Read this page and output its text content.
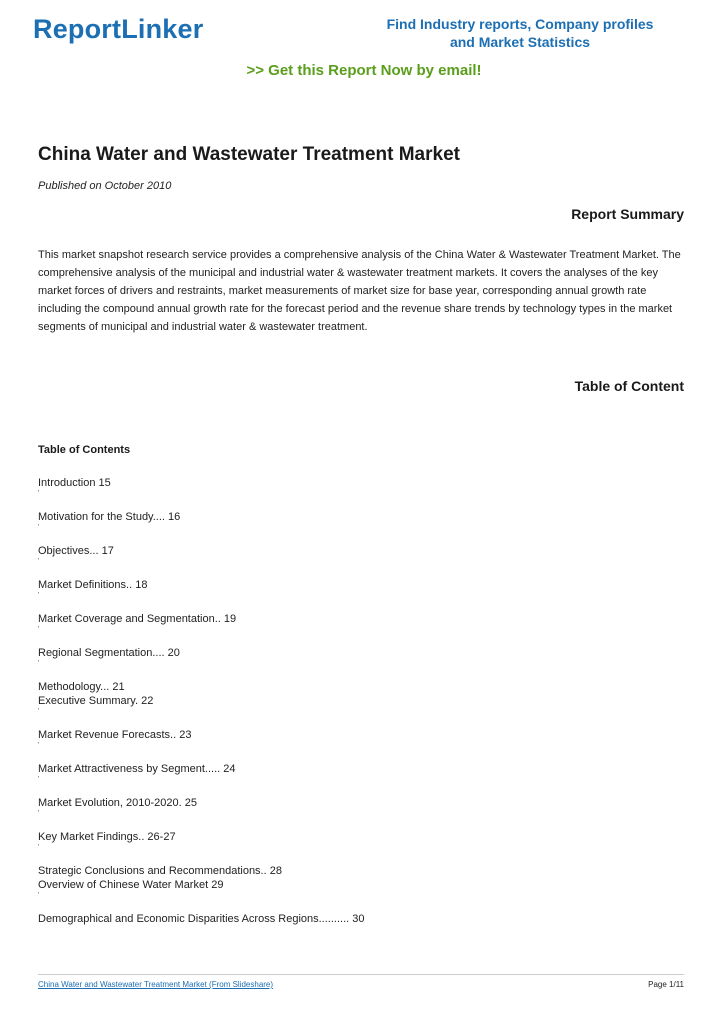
ReportLinker	Find Industry reports, Company profiles
and Market Statistics
>> Get this Report Now by email!
China Water and Wastewater Treatment Market
Published on October 2010
Report Summary
This market snapshot research service provides a comprehensive analysis of the China Water & Wastewater Treatment Market. The comprehensive analysis of the municipal and industrial water & wastewater treatment markets. It covers the analyses of the key market forces of drivers and restraints, market measurements of market size for base year, corresponding annual growth rate including the compound annual growth rate for the forecast period and the revenue share trends by technology types in the market segments of municipal and industrial water & wastewater treatment.
Table of Content
Table of Contents
Introduction 15
'
Motivation for the Study.... 16
'
Objectives... 17
'
Market Definitions.. 18
'
Market Coverage and Segmentation.. 19
'
Regional Segmentation.... 20
'
Methodology... 21
Executive Summary. 22
'
Market Revenue Forecasts.. 23
'
Market Attractiveness by Segment..... 24
'
Market Evolution, 2010-2020. 25
'
Key Market Findings.. 26-27
'
Strategic Conclusions and Recommendations.. 28
Overview of Chinese Water Market 29
'
Demographical and Economic Disparities Across Regions.......... 30
China Water and Wastewater Treatment Market (From Slideshare)	Page 1/11
